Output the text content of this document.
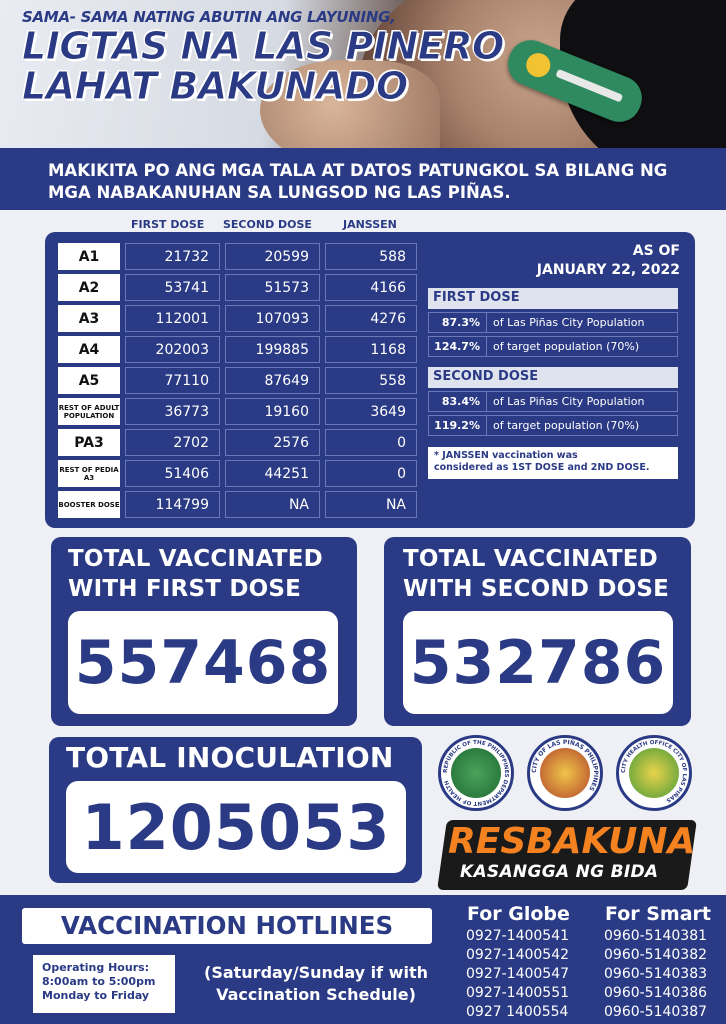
SAMA- SAMA NATING ABUTIN ANG LAYUNING,
LIGTAS NA LAS PINERO
LAHAT BAKUNADO
MAKIKITA PO ANG MGA TALA AT DATOS PATUNGKOL SA BILANG NG
MGA NABAKANUHAN SA LUNGSOD NG LAS PIÑAS.
FIRST DOSE SECOND DOSE	JANSSEN
A1	21732	20599	588
A2	53741	51573	4166
A3	112001	107093	4276
A4	202003	199885	1168
A5	77110	87649	558
REST OF ADULT POPULATION	36773	19160	3649
PA3	2702	2576	0
REST OF PEDIA A3	51406	44251	0
BOOSTER DOSE	114799	NA	NA
AS OF
JANUARY 22, 2022
FIRST DOSE
87.3%	of Las Piñas City Population
124.7%	of target population (70%)
SECOND DOSE
83.4%	of Las Piñas City Population
119.2%	of target population (70%)
* JANSSEN vaccination was
considered as 1ST DOSE and 2ND DOSE.
TOTAL VACCINATED
WITH FIRST DOSE
557468
TOTAL VACCINATED
WITH SECOND DOSE
532786
TOTAL INOCULATION
1205053
REPUBLIC OF THE PHILIPPINES DEPARTMENT OF HEALTH
CITY OF LAS PIÑAS PHILIPPINES
CITY HEALTH OFFICE CITY OF LAS PIÑAS
RESBAKUNA
KASANGGA NG BIDA
VACCINATION HOTLINES
Operating Hours:
8:00am to 5:00pm
Monday to Friday
(Saturday/Sunday if with
Vaccination Schedule)
For Globe For Smart
0927-1400541
0927-1400542
0927-1400547
0927-1400551
0927 1400554
0960-5140381
0960-5140382
0960-5140383
0960-5140386
0960-5140387
